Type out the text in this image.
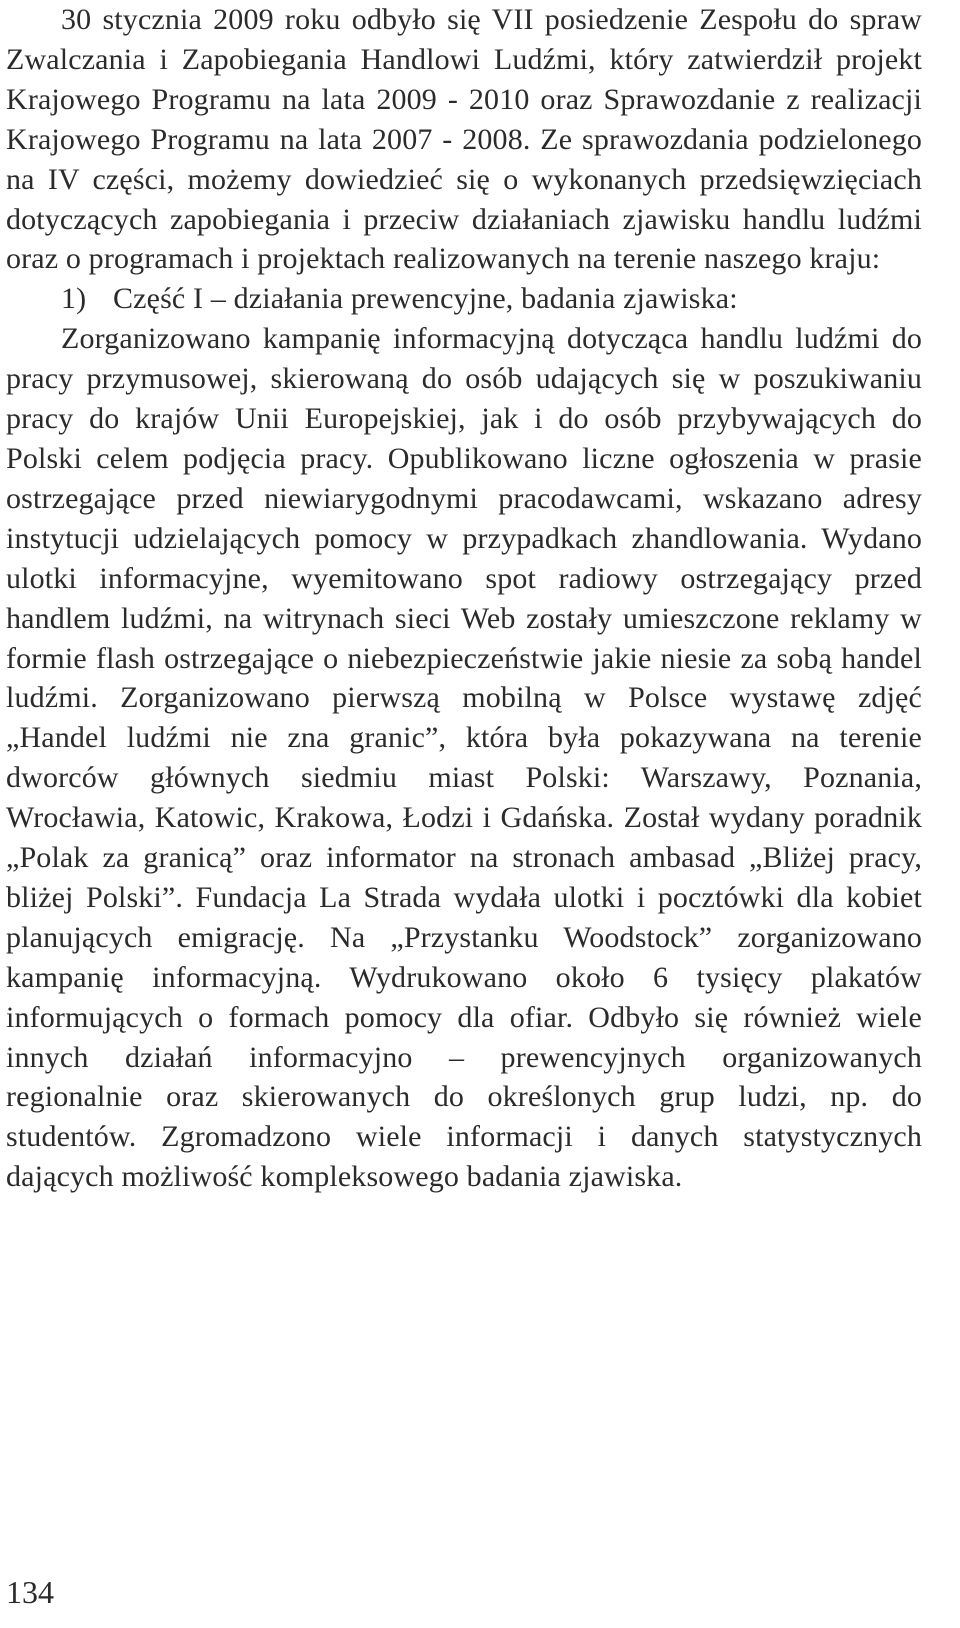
30 stycznia 2009 roku odbyło się VII posiedzenie Zespołu do spraw Zwalczania i Zapobiegania Handlowi Ludźmi, który zatwierdził projekt Krajowego Programu na lata 2009 - 2010 oraz Sprawozdanie z realizacji Krajowego Programu na lata 2007 - 2008. Ze sprawozdania podzielonego na IV części, możemy dowiedzieć się o wykonanych przedsięwzięciach dotyczących zapobiegania i przeciw działaniach zjawisku handlu ludźmi oraz o programach i projektach realizowanych na terenie naszego kraju:

1) Część I – działania prewencyjne, badania zjawiska:

Zorganizowano kampanię informacyjną dotycząca handlu ludźmi do pracy przymusowej, skierowaną do osób udających się w poszukiwaniu pracy do krajów Unii Europejskiej, jak i do osób przybywających do Polski celem podjęcia pracy. Opublikowano liczne ogłoszenia w prasie ostrzegające przed niewiarygodnymi pracodawcami, wskazano adresy instytucji udzielających pomocy w przypadkach zhandlowania. Wydano ulotki informacyjne, wyemitowano spot radiowy ostrzegający przed handlem ludźmi, na witrynach sieci Web zostały umieszczone reklamy w formie flash ostrzegające o niebezpieczeństwie jakie niesie za sobą handel ludźmi. Zorganizowano pierwszą mobilną w Polsce wystawę zdjęć „Handel ludźmi nie zna granic”, która była pokazywana na terenie dworców głównych siedmiu miast Polski: Warszawy, Poznania, Wrocławia, Katowic, Krakowa, Łodzi i Gdańska. Został wydany poradnik „Polak za granicą” oraz informator na stronach ambasad „Bliżej pracy, bliżej Polski”. Fundacja La Strada wydała ulotki i pocztówki dla kobiet planujących emigrację. Na „Przystanku Woodstock” zorganizowano kampanię informacyjną. Wydrukowano około 6 tysięcy plakatów informujących o formach pomocy dla ofiar. Odbyło się również wiele innych działań informacyjno – prewencyjnych organizowanych regionalnie oraz skierowanych do określonych grup ludzi, np. do studentów. Zgromadzono wiele informacji i danych statystycznych dających możliwość kompleksowego badania zjawiska.

134
